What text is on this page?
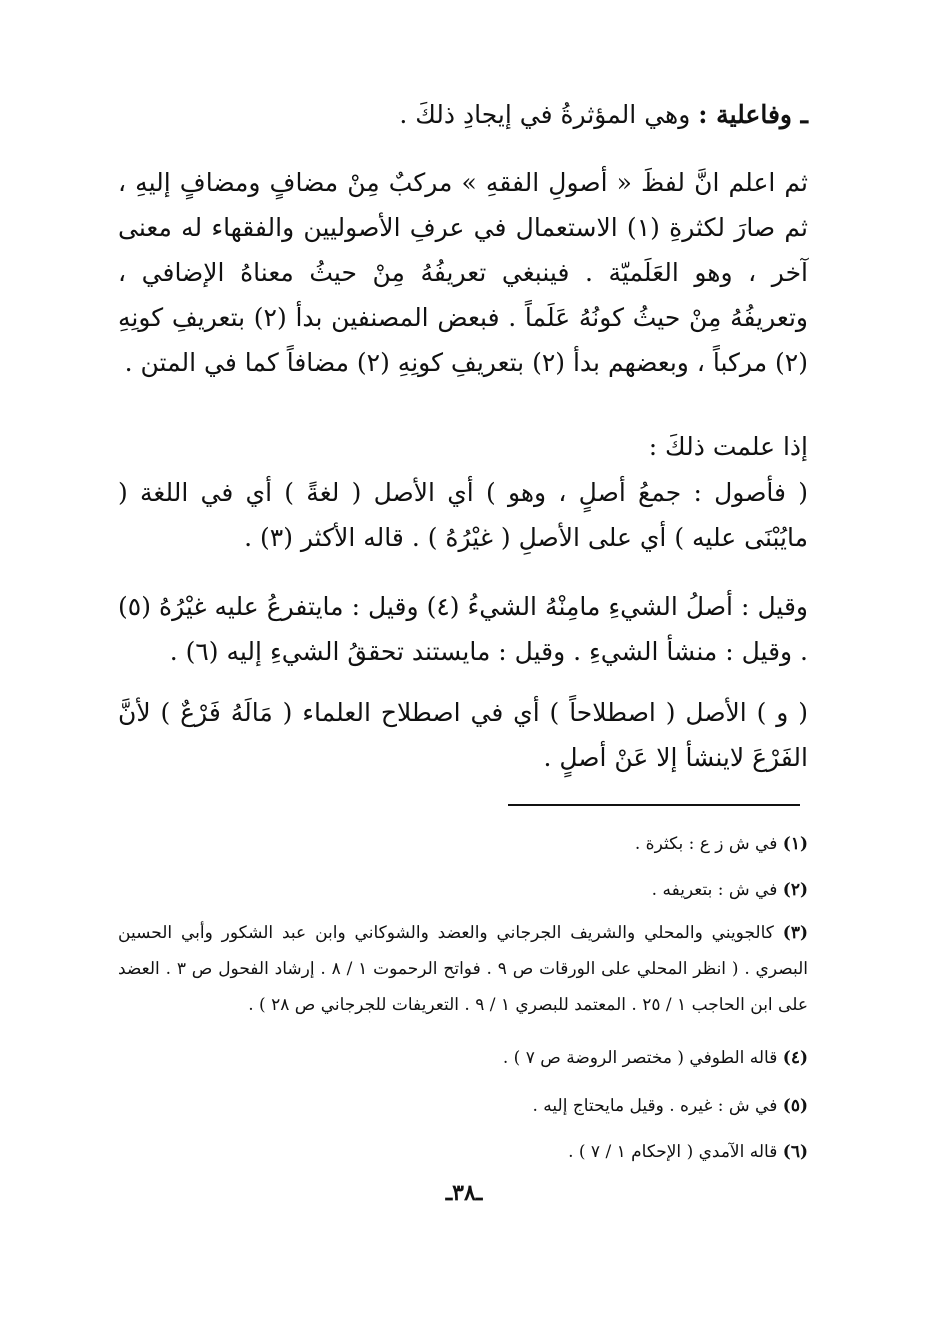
ـ وفاعلية : وهي المؤثرةُ في إيجادِ ذلكَ .

ثم اعلم انَّ لفظَ « أصولِ الفقهِ » مركبٌ مِنْ مضافٍ ومضافٍ إليهِ ، ثم صارَ لكثرةِ (١) الاستعمال في عرفِ الأصوليين والفقهاء له معنى آخر ، وهو العَلَميّة . فينبغي تعريفُهُ مِنْ حيثُ معناهُ الإضافي ، وتعريفُهُ مِنْ حيثُ كونُهُ عَلَماً . فبعض المصنفين بدأ (٢) بتعريفِ كونِهِ (٢) مركباً ، وبعضهم بدأ (٢) بتعريفِ كونِهِ (٢) مضافاً كما في المتن .

إذا علمت ذلكَ :

( فأصول : جمعُ أصلٍ ، وهو ) أي الأصل ( لغةً ) أي في اللغة ( مايُبْنَى عليه ) أي على الأصلِ ( غيْرُهُ ) . قاله الأكثر (٣) .

وقيل : أصلُ الشيءِ مامِنْهُ الشيءُ (٤) وقيل : مايتفرعُ عليه غيْرُهُ (٥) . وقيل : منشأ الشيءِ . وقيل : مايستند تحققُ الشيءِ إليه (٦) .

( و ) الأصل ( اصطلاحاً ) أي في اصطلاح العلماء ( مَالَهُ فَرْعٌ ) لأنَّ الفَرْعَ لاينشأ إلا عَنْ أصلٍ .

(١) في ش ز ع : بكثرة .

(٢) في ش : بتعريفه .

(٣) كالجويني والمحلي والشريف الجرجاني والعضد والشوكاني وابن عبد الشكور وأبي الحسين البصري . ( انظر المحلي على الورقات ص ٩ . فواتح الرحموت ١ / ٨ . إرشاد الفحول ص ٣ . العضد على ابن الحاجب ١ / ٢٥ . المعتمد للبصري ١ / ٩ . التعريفات للجرجاني ص ٢٨ ) .

(٤) قاله الطوفي ( مختصر الروضة ص ٧ ) .

(٥) في ش : غيره . وقيل مايحتاج إليه .

(٦) قاله الآمدي ( الإحكام ١ / ٧ ) .

ـ٣٨ـ
